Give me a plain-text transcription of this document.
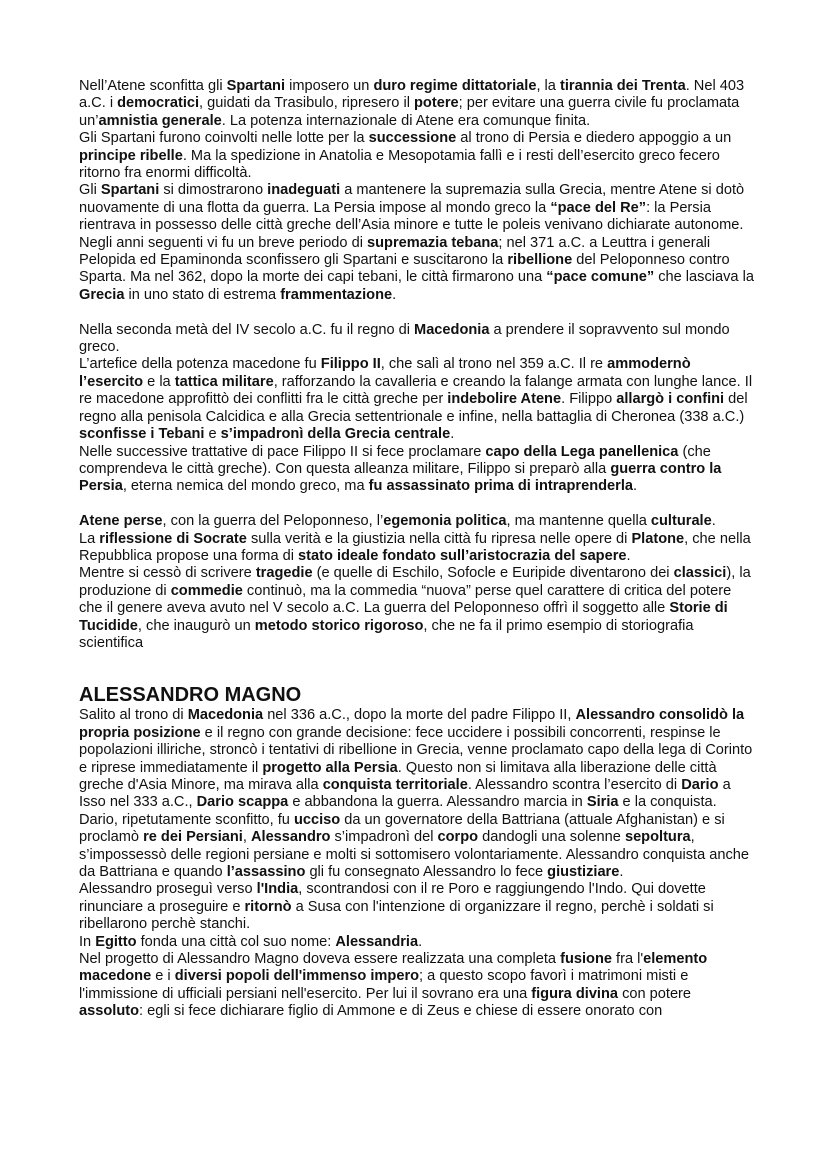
Nell’Atene sconfitta gli Spartani imposero un duro regime dittatoriale, la tirannia dei Trenta. Nel 403 a.C. i democratici, guidati da Trasibulo, ripresero il potere; per evitare una guerra civile fu proclamata un’amnistia generale. La potenza internazionale di Atene era comunque finita.

Gli Spartani furono coinvolti nelle lotte per la successione al trono di Persia e diedero appoggio a un principe ribelle. Ma la spedizione in Anatolia e Mesopotamia fallì e i resti dell’esercito greco fecero ritorno fra enormi difficoltà.

Gli Spartani si dimostrarono inadeguati a mantenere la supremazia sulla Grecia, mentre Atene si dotò nuovamente di una flotta da guerra. La Persia impose al mondo greco la “pace del Re”: la Persia rientrava in possesso delle città greche dell’Asia minore e tutte le poleis venivano dichiarate autonome.

Negli anni seguenti vi fu un breve periodo di supremazia tebana; nel 371 a.C. a Leuttra i generali Pelopida ed Epaminonda sconfissero gli Spartani e suscitarono la ribellione del Peloponneso contro Sparta. Ma nel 362, dopo la morte dei capi tebani, le città firmarono una “pace comune” che lasciava la Grecia in uno stato di estrema frammentazione.

Nella seconda metà del IV secolo a.C. fu il regno di Macedonia a prendere il sopravvento sul mondo greco.

L’artefice della potenza macedone fu Filippo II, che salì al trono nel 359 a.C. Il re ammodernò l’esercito e la tattica militare, rafforzando la cavalleria e creando la falange armata con lunghe lance. Il re macedone approfittò dei conflitti fra le città greche per indebolire Atene. Filippo allargò i confini del regno alla penisola Calcidica e alla Grecia settentrionale e infine, nella battaglia di Cheronea (338 a.C.) sconfisse i Tebani e s’impadronì della Grecia centrale.

Nelle successive trattative di pace Filippo II si fece proclamare capo della Lega panellenica (che comprendeva le città greche). Con questa alleanza militare, Filippo si preparò alla guerra contro la Persia, eterna nemica del mondo greco, ma fu assassinato prima di intraprenderla.

Atene perse, con la guerra del Peloponneso, l’egemonia politica, ma mantenne quella culturale.

La riflessione di Socrate sulla verità e la giustizia nella città fu ripresa nelle opere di Platone, che nella Repubblica propose una forma di stato ideale fondato sull’aristocrazia del sapere.

Mentre si cessò di scrivere tragedie (e quelle di Eschilo, Sofocle e Euripide diventarono dei classici), la produzione di commedie continuò, ma la commedia “nuova” perse quel carattere di critica del potere che il genere aveva avuto nel V secolo a.C. La guerra del Peloponneso offrì il soggetto alle Storie di Tucidide, che inaugurò un metodo storico rigoroso, che ne fa il primo esempio di storiografia scientifica

ALESSANDRO MAGNO

Salito al trono di Macedonia nel 336 a.C., dopo la morte del padre Filippo II, Alessandro consolidò la propria posizione e il regno con grande decisione: fece uccidere i possibili concorrenti, respinse le popolazioni illiriche, stroncò i tentativi di ribellione in Grecia, venne proclamato capo della lega di Corinto e riprese immediatamente il progetto alla Persia. Questo non si limitava alla liberazione delle città greche d'Asia Minore, ma mirava alla conquista territoriale. Alessandro scontra l’esercito di Dario a Isso nel 333 a.C., Dario scappa e abbandona la guerra. Alessandro marcia in Siria e la conquista. Dario, ripetutamente sconfitto, fu ucciso da un governatore della Battriana (attuale Afghanistan) e si proclamò re dei Persiani, Alessandro s’impadronì del corpo dandogli una solenne sepoltura, s’impossessò delle regioni persiane e molti si sottomisero volontariamente. Alessandro conquista anche da Battriana e quando l’assassino gli fu consegnato Alessandro lo fece giustiziare.

Alessandro proseguì verso l'India, scontrandosi con il re Poro e raggiungendo l'Indo. Qui dovette rinunciare a proseguire e ritornò a Susa con l'intenzione di organizzare il regno, perchè i soldati si ribellarono perchè stanchi.

In Egitto fonda una città col suo nome: Alessandria.

Nel progetto di Alessandro Magno doveva essere realizzata una completa fusione fra l'elemento macedone e i diversi popoli dell'immenso impero; a questo scopo favorì i matrimoni misti e l'immissione di ufficiali persiani nell'esercito. Per lui il sovrano era una figura divina con potere assoluto: egli si fece dichiarare figlio di Ammone e di Zeus e chiese di essere onorato con
